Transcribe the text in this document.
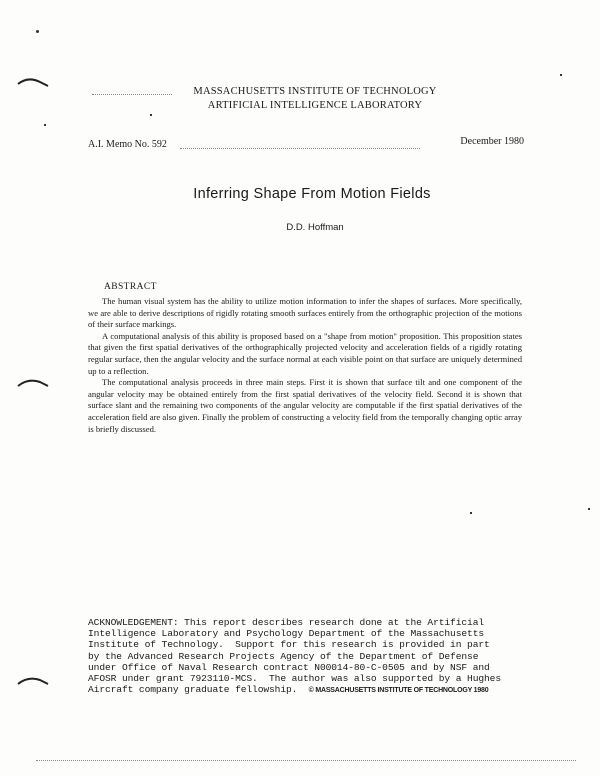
MASSACHUSETTS INSTITUTE OF TECHNOLOGY
ARTIFICIAL INTELLIGENCE LABORATORY
A.I. Memo No. 592	December 1980
Inferring Shape From Motion Fields
D.D. Hoffman
ABSTRACT

The human visual system has the ability to utilize motion information to infer the shapes of surfaces. More specifically, we are able to derive descriptions of rigidly rotating smooth surfaces entirely from the orthographic projection of the motions of their surface markings.

A computational analysis of this ability is proposed based on a "shape from motion" proposition. This proposition states that given the first spatial derivatives of the orthographically projected velocity and acceleration fields of a rigidly rotating regular surface, then the angular velocity and the surface normal at each visible point on that surface are uniquely determined up to a reflection.

The computational analysis proceeds in three main steps. First it is shown that surface tilt and one component of the angular velocity may be obtained entirely from the first spatial derivatives of the velocity field. Second it is shown that surface slant and the remaining two components of the angular velocity are computable if the first spatial derivatives of the acceleration field are also given. Finally the problem of constructing a velocity field from the temporally changing optic array is briefly discussed.

ACKNOWLEDGEMENT: This report describes research done at the Artificial
Intelligence Laboratory and Psychology Department of the Massachusetts
Institute of Technology.  Support for this research is provided in part
by the Advanced Research Projects Agency of the Department of Defense
under Office of Naval Research contract N00014-80-C-0505 and by NSF and
AFOSR under grant 7923110-MCS.  The author was also supported by a Hughes
Aircraft company graduate fellowship.  © MASSACHUSETTS INSTITUTE OF TECHNOLOGY 1980
